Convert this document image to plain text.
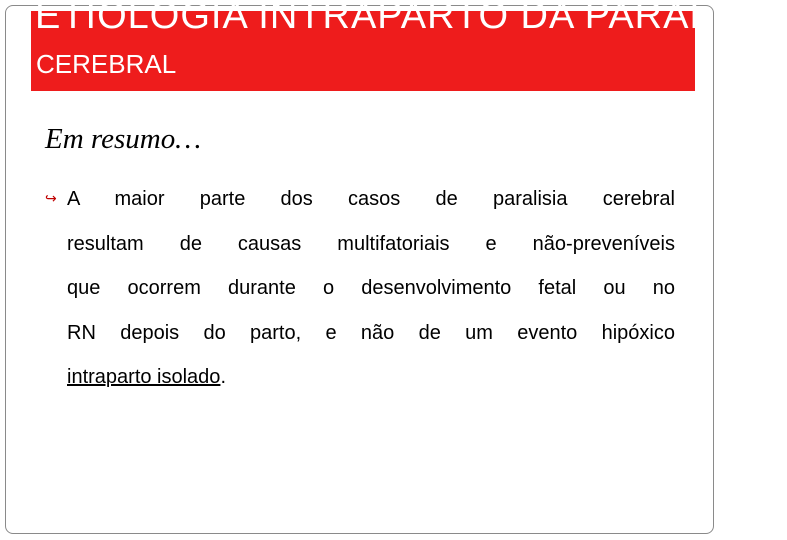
ETIOLOGIA INTRAPARTO DA PARALISIA
CEREBRAL
Em resumo…
↪ A maior parte dos casos de paralisia cerebral
resultam de causas multifatoriais e não-preveníveis
que ocorrem durante o desenvolvimento fetal ou no
RN depois do parto, e não de um evento hipóxico
intraparto isolado.
